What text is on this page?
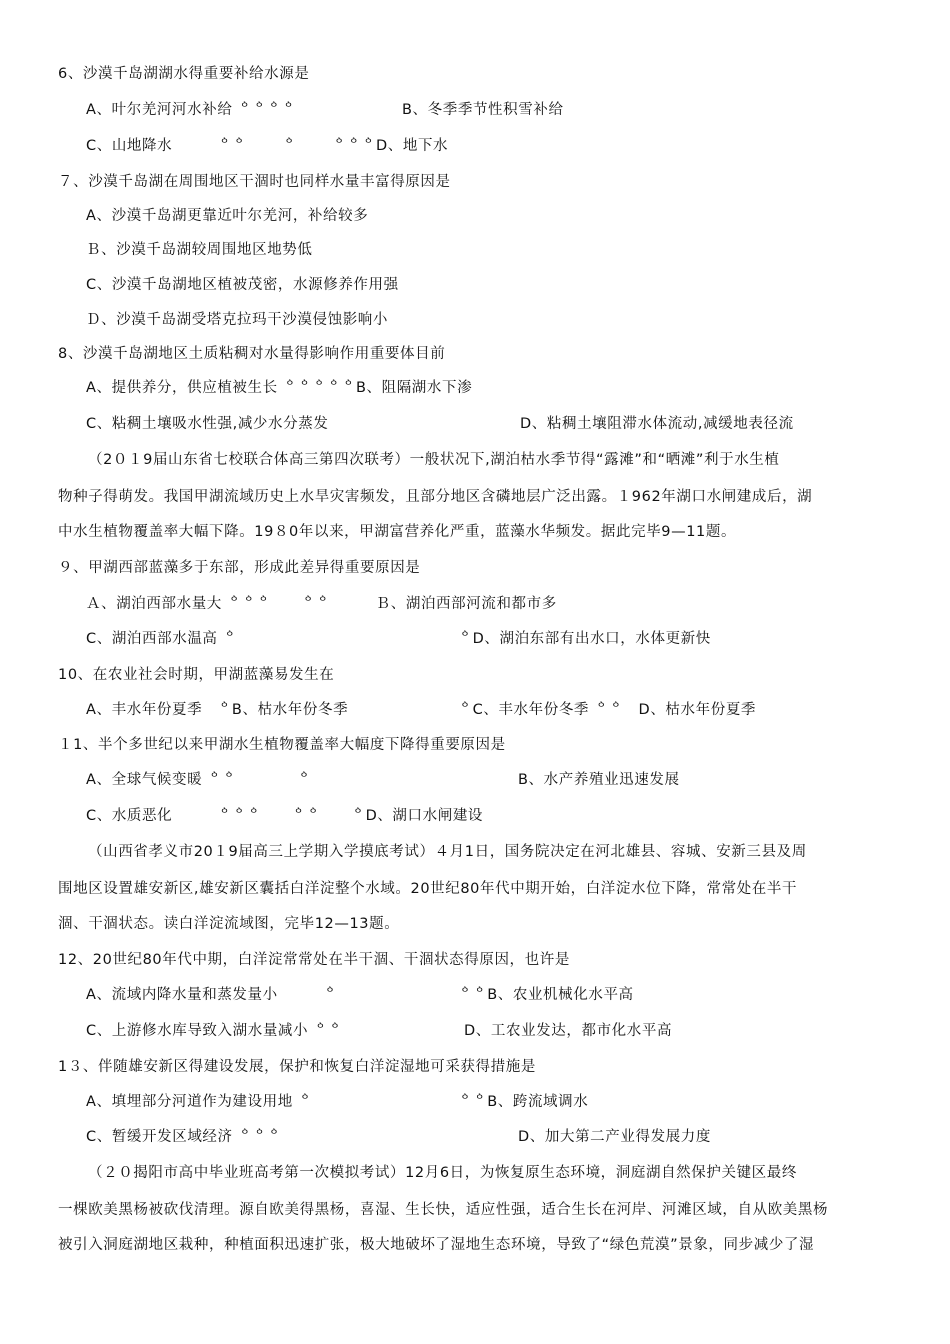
6、沙漠千岛湖湖水得重要补给水源是
A、叶尔羌河河水补给 ᅌᅌᅌᅌ	B、冬季季节性积雪补给
C、山地降水　　　ᅌᅌ　　 ᅌ　　 ᅌᅌᅌD、地下水
７、沙漠千岛湖在周围地区干涸时也同样水量丰富得原因是
A、沙漠千岛湖更靠近叶尔羌河，补给较多
Ｂ、沙漠千岛湖较周围地区地势低
C、沙漠千岛湖地区植被茂密，水源修养作用强
Ｄ、沙漠千岛湖受塔克拉玛干沙漠侵蚀影响小
8、沙漠千岛湖地区土质粘稠对水量得影响作用重要体目前
A、提供养分，供应植被生长 ᅌᅌᅌᅌᅌB、阻隔湖水下渗
C、粘稠土壤吸水性强,减少水分蒸发	D、粘稠土壤阻滞水体流动,减缓地表径流
（2０１9届山东省七校联合体高三第四次联考）一般状况下,湖泊枯水季节得“露滩”和“晒滩”利于水生植
物种子得萌发。我国甲湖流域历史上水旱灾害频发，且部分地区含磷地层广泛出露。１962年湖口水闸建成后，湖
中水生植物覆盖率大幅下降。19８0年以来，甲湖富营养化严重，蓝藻水华频发。据此完毕9—11题。
９、甲湖西部蓝藻多于东部，形成此差异得重要原因是
Ａ、湖泊西部水量大 ᅌᅌᅌ　　ᅌᅌ　　　Ｂ、湖泊西部河流和都市多
C、湖泊西部水温高 ᅌ	ᅌD、湖泊东部有出水口，水体更新快
10、在农业社会时期，甲湖蓝藻易发生在
A、丰水年份夏季　ᅌB、枯水年份冬季	ᅌC、丰水年份冬季 ᅌᅌ　D、枯水年份夏季
１1、半个多世纪以来甲湖水生植物覆盖率大幅度下降得重要原因是
A、全球气候变暖 ᅌᅌ　　　　ᅌ	B、水产养殖业迅速发展
C、水质恶化　　　ᅌᅌᅌ　　ᅌᅌ　　ᅌD、湖口水闸建设
（山西省孝义市20１9届高三上学期入学摸底考试）４月1日，国务院决定在河北雄县、容城、安新三县及周
围地区设置雄安新区,雄安新区囊括白洋淀整个水域。20世纪80年代中期开始，白洋淀水位下降，常常处在半干
涸、干涸状态。读白洋淀流域图，完毕12—13题。
12、20世纪80年代中期，白洋淀常常处在半干涸、干涸状态得原因，也许是
A、流域内降水量和蒸发量小　　　ᅌ	ᅌᅌB、农业机械化水平高
C、上游修水库导致入湖水量减小 ᅌᅌ	D、工农业发达，都市化水平高
1３、伴随雄安新区得建设发展，保护和恢复白洋淀湿地可采获得措施是
A、填埋部分河道作为建设用地 ᅌ	ᅌᅌB、跨流域调水
C、暂缓开发区域经济 ᅌᅌᅌ	D、加大第二产业得发展力度
（２０揭阳市高中毕业班高考第一次模拟考试）12月6日，为恢复原生态环境，洞庭湖自然保护关键区最终
一棵欧美黑杨被砍伐清理。源自欧美得黑杨，喜湿、生长快，适应性强，适合生长在河岸、河滩区域，自从欧美黑杨
被引入洞庭湖地区栽种，种植面积迅速扩张，极大地破坏了湿地生态环境，导致了“绿色荒漠”景象，同步减少了湿
